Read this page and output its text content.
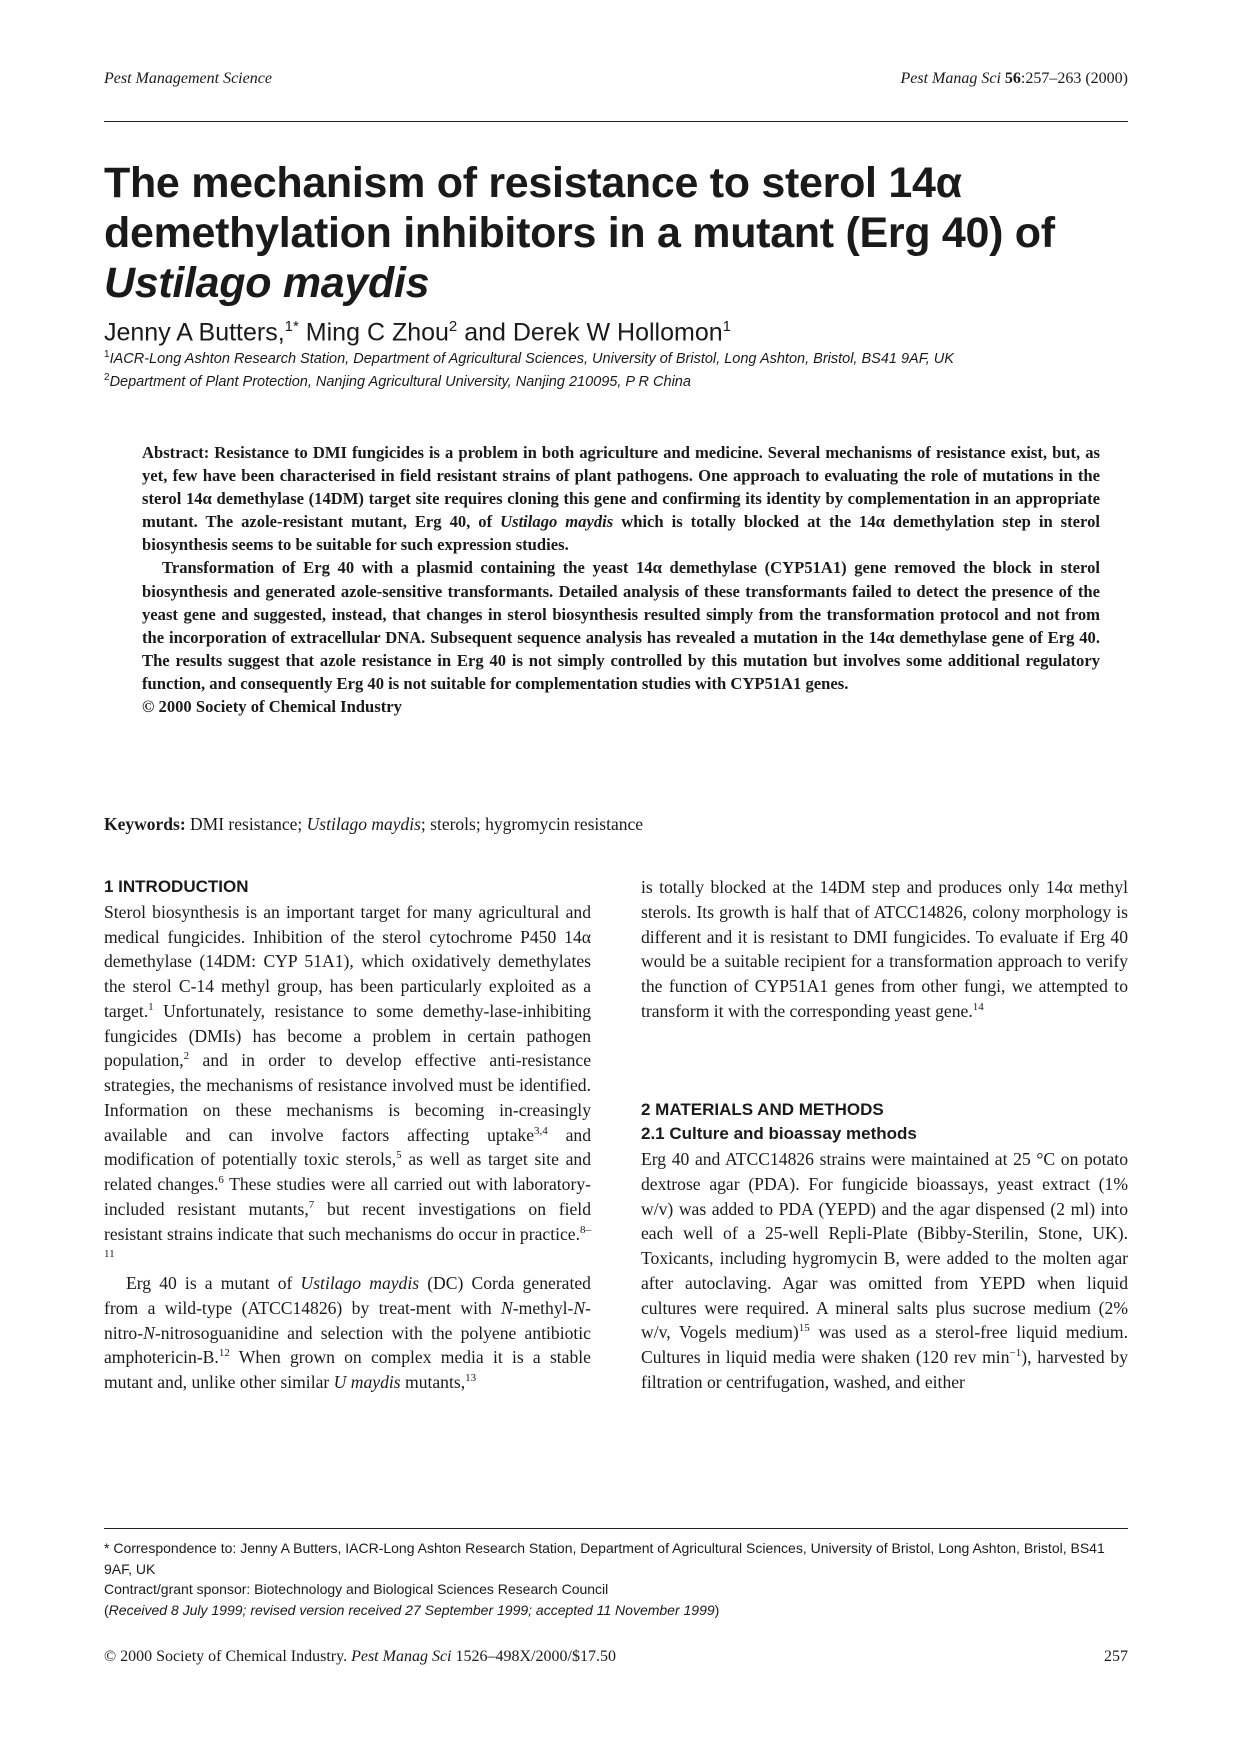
Pest Management Science	Pest Manag Sci 56:257–263 (2000)
The mechanism of resistance to sterol 14α
demethylation inhibitors in a mutant (Erg 40) of
Ustilago maydis
Jenny A Butters,$^{1*}$ Ming C Zhou$^2$ and Derek W Hollomon$^1$
$^1$IACR-Long Ashton Research Station, Department of Agricultural Sciences, University of Bristol, Long Ashton, Bristol, BS41 9AF, UK
$^2$Department of Plant Protection, Nanjing Agricultural University, Nanjing 210095, P R China

Abstract: Resistance to DMI fungicides is a problem in both agriculture and medicine. Several mechanisms of resistance exist, but, as yet, few have been characterised in field resistant strains of plant pathogens. One approach to evaluating the role of mutations in the sterol 14α demethylase (14DM) target site requires cloning this gene and confirming its identity by complementation in an appropriate mutant. The azole-resistant mutant, Erg 40, of Ustilago maydis which is totally blocked at the 14α demethylation step in sterol biosynthesis seems to be suitable for such expression studies.

Transformation of Erg 40 with a plasmid containing the yeast 14α demethylase (CYP51A1) gene removed the block in sterol biosynthesis and generated azole-sensitive transformants. Detailed analysis of these transformants failed to detect the presence of the yeast gene and suggested, instead, that changes in sterol biosynthesis resulted simply from the transformation protocol and not from the incorporation of extracellular DNA. Subsequent sequence analysis has revealed a mutation in the 14α demethylase gene of Erg 40. The results suggest that azole resistance in Erg 40 is not simply controlled by this mutation but involves some additional regulatory function, and consequently Erg 40 is not suitable for complementation studies with CYP51A1 genes.

© 2000 Society of Chemical Industry

Keywords: DMI resistance; Ustilago maydis; sterols; hygromycin resistance
1 INTRODUCTION

Sterol biosynthesis is an important target for many agricultural and medical fungicides. Inhibition of the sterol cytochrome P450 14α demethylase (14DM: CYP 51A1), which oxidatively demethylates the sterol C-14 methyl group, has been particularly exploited as a target.$^1$ Unfortunately, resistance to some demethy-lase-inhibiting fungicides (DMIs) has become a problem in certain pathogen population,$^2$ and in order to develop effective anti-resistance strategies, the mechanisms of resistance involved must be identified. Information on these mechanisms is becoming in-creasingly available and can involve factors affecting uptake$^{3,4}$ and modification of potentially toxic sterols,$^5$ as well as target site and related changes.$^6$ These studies were all carried out with laboratory-included resistant mutants,$^7$ but recent investigations on field resistant strains indicate that such mechanisms do occur in practice.$^{8-11}$

Erg 40 is a mutant of Ustilago maydis (DC) Corda generated from a wild-type (ATCC14826) by treat-ment with N-methyl-N-nitro-N-nitrosoguanidine and selection with the polyene antibiotic amphotericin-B.$^{12}$ When grown on complex media it is a stable mutant and, unlike other similar U maydis mutants,$^{13}$

is totally blocked at the 14DM step and produces only 14α methyl sterols. Its growth is half that of ATCC14826, colony morphology is different and it is resistant to DMI fungicides. To evaluate if Erg 40 would be a suitable recipient for a transformation approach to verify the function of CYP51A1 genes from other fungi, we attempted to transform it with the corresponding yeast gene.$^{14}$

2 MATERIALS AND METHODS
2.1 Culture and bioassay methods

Erg 40 and ATCC14826 strains were maintained at 25 °C on potato dextrose agar (PDA). For fungicide bioassays, yeast extract (1% w/v) was added to PDA (YEPD) and the agar dispensed (2 ml) into each well of a 25-well Repli-Plate (Bibby-Sterilin, Stone, UK). Toxicants, including hygromycin B, were added to the molten agar after autoclaving. Agar was omitted from YEPD when liquid cultures were required. A mineral salts plus sucrose medium (2% w/v, Vogels medium)$^{15}$ was used as a sterol-free liquid medium. Cultures in liquid media were shaken (120 rev $\min^{-1}$), harvested by filtration or centrifugation, washed, and either

* Correspondence to: Jenny A Butters, IACR-Long Ashton Research Station, Department of Agricultural Sciences, University of Bristol, Long Ashton, Bristol, BS41 9AF, UK

Contract/grant sponsor: Biotechnology and Biological Sciences Research Council

(Received 8 July 1999; revised version received 27 September 1999; accepted 11 November 1999)

© 2000 Society of Chemical Industry. Pest Manag Sci 1526–498X/2000/$17.50	257
